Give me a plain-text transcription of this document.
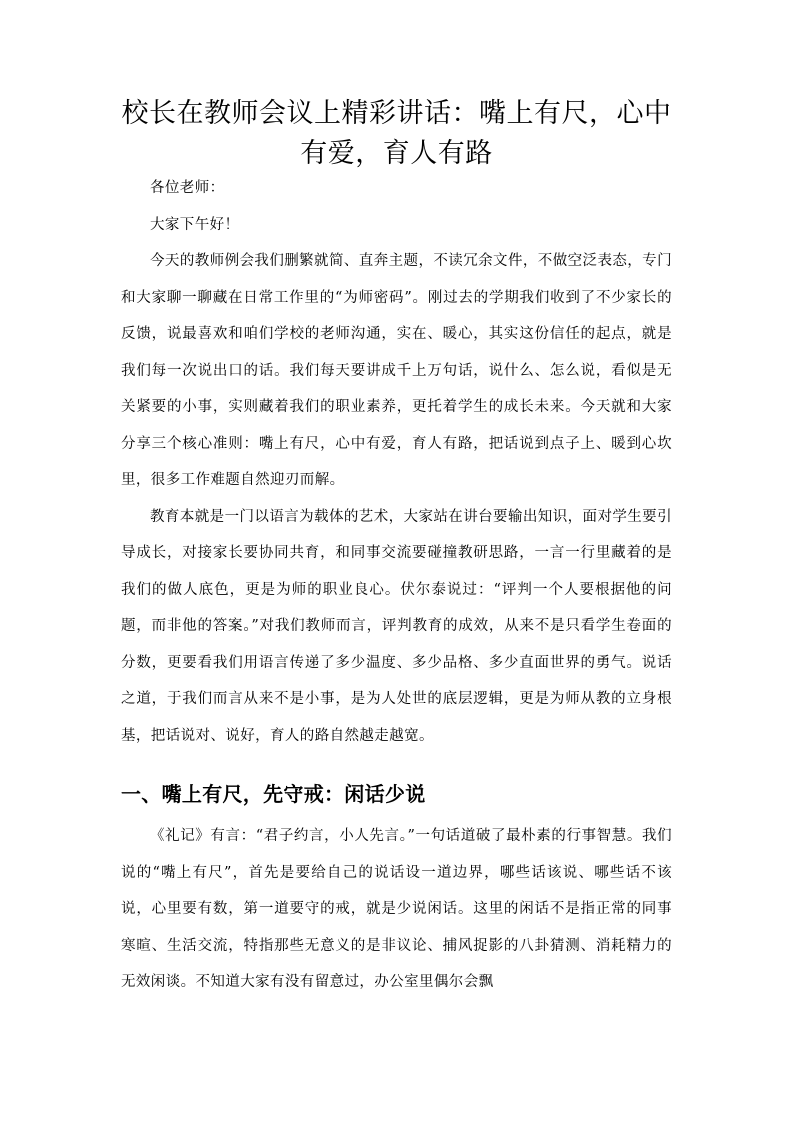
校长在教师会议上精彩讲话：嘴上有尺，心中有爱，育人有路

各位老师：

大家下午好！

今天的教师例会我们删繁就简、直奔主题，不读冗余文件，不做空泛表态，专门和大家聊一聊藏在日常工作里的“为师密码”。刚过去的学期我们收到了不少家长的反馈，说最喜欢和咱们学校的老师沟通，实在、暖心，其实这份信任的起点，就是我们每一次说出口的话。我们每天要讲成千上万句话，说什么、怎么说，看似是无关紧要的小事，实则藏着我们的职业素养，更托着学生的成长未来。今天就和大家分享三个核心准则：嘴上有尺，心中有爱，育人有路，把话说到点子上、暖到心坎里，很多工作难题自然迎刃而解。

教育本就是一门以语言为载体的艺术，大家站在讲台要输出知识，面对学生要引导成长，对接家长要协同共育，和同事交流要碰撞教研思路，一言一行里藏着的是我们的做人底色，更是为师的职业良心。伏尔泰说过：“评判一个人要根据他的问题，而非他的答案。”对我们教师而言，评判教育的成效，从来不是只看学生卷面的分数，更要看我们用语言传递了多少温度、多少品格、多少直面世界的勇气。说话之道，于我们而言从来不是小事，是为人处世的底层逻辑，更是为师从教的立身根基，把话说对、说好，育人的路自然越走越宽。

一、嘴上有尺，先守戒：闲话少说

《礼记》有言：“君子约言，小人先言。”一句话道破了最朴素的行事智慧。我们说的“嘴上有尺”，首先是要给自己的说话设一道边界，哪些话该说、哪些话不该说，心里要有数，第一道要守的戒，就是少说闲话。这里的闲话不是指正常的同事寒暄、生活交流，特指那些无意义的是非议论、捕风捉影的八卦猜测、消耗精力的无效闲谈。不知道大家有没有留意过，办公室里偶尔会飘
